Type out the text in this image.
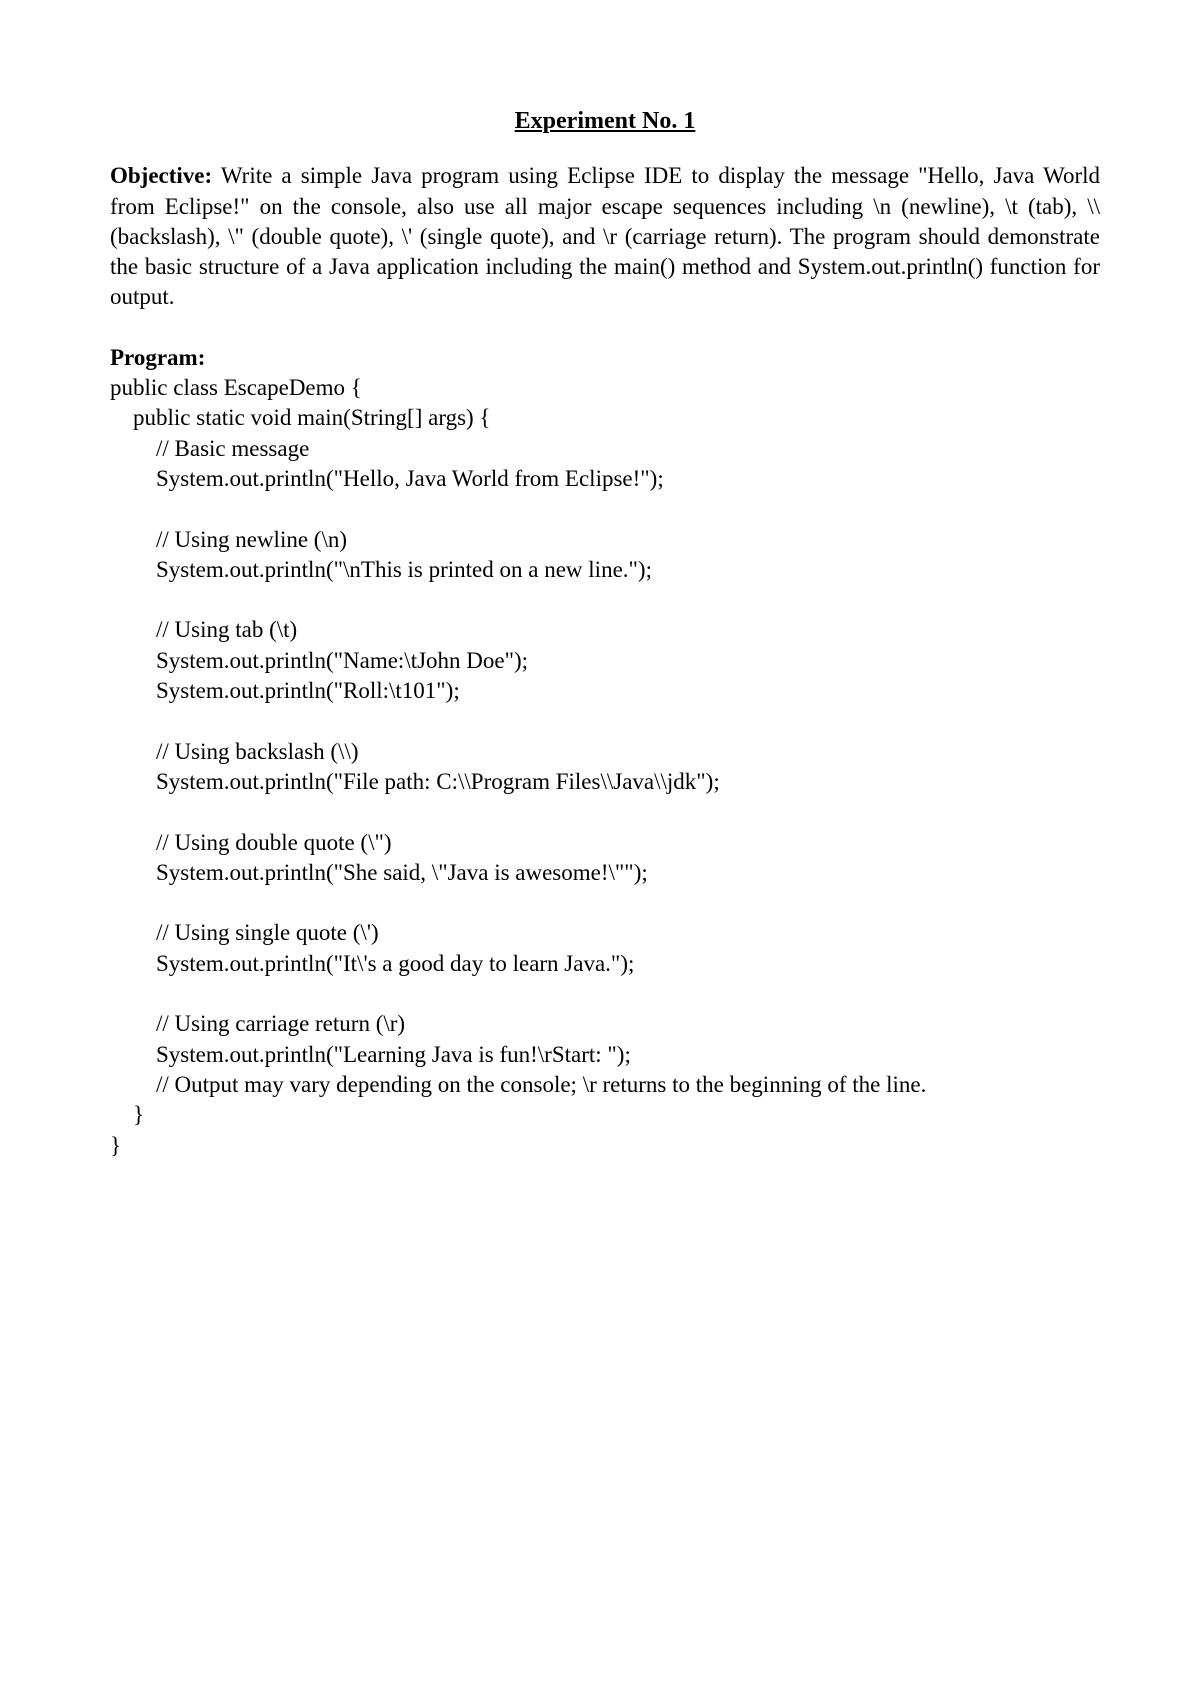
Experiment No. 1

Objective: Write a simple Java program using Eclipse IDE to display the message "Hello, Java World from Eclipse!" on the console, also use all major escape sequences including \n (newline), \t (tab), \\ (backslash), \" (double quote), \' (single quote), and \r (carriage return). The program should demonstrate the basic structure of a Java application including the main() method and System.out.println() function for output.

Program:
public class EscapeDemo {
public static void main(String[] args) {
// Basic message
System.out.println("Hello, Java World from Eclipse!");
// Using newline (\n)
System.out.println("\nThis is printed on a new line.");
// Using tab (\t)
System.out.println("Name:\tJohn Doe");
System.out.println("Roll:\t101");
// Using backslash (\\)
System.out.println("File path: C:\\Program Files\\Java\\jdk");
// Using double quote (\")
System.out.println("She said, \"Java is awesome!\"");
// Using single quote (\')
System.out.println("It\'s a good day to learn Java.");
// Using carriage return (\r)
System.out.println("Learning Java is fun!\rStart: ");
// Output may vary depending on the console; \r returns to the beginning of the line.
}
}
